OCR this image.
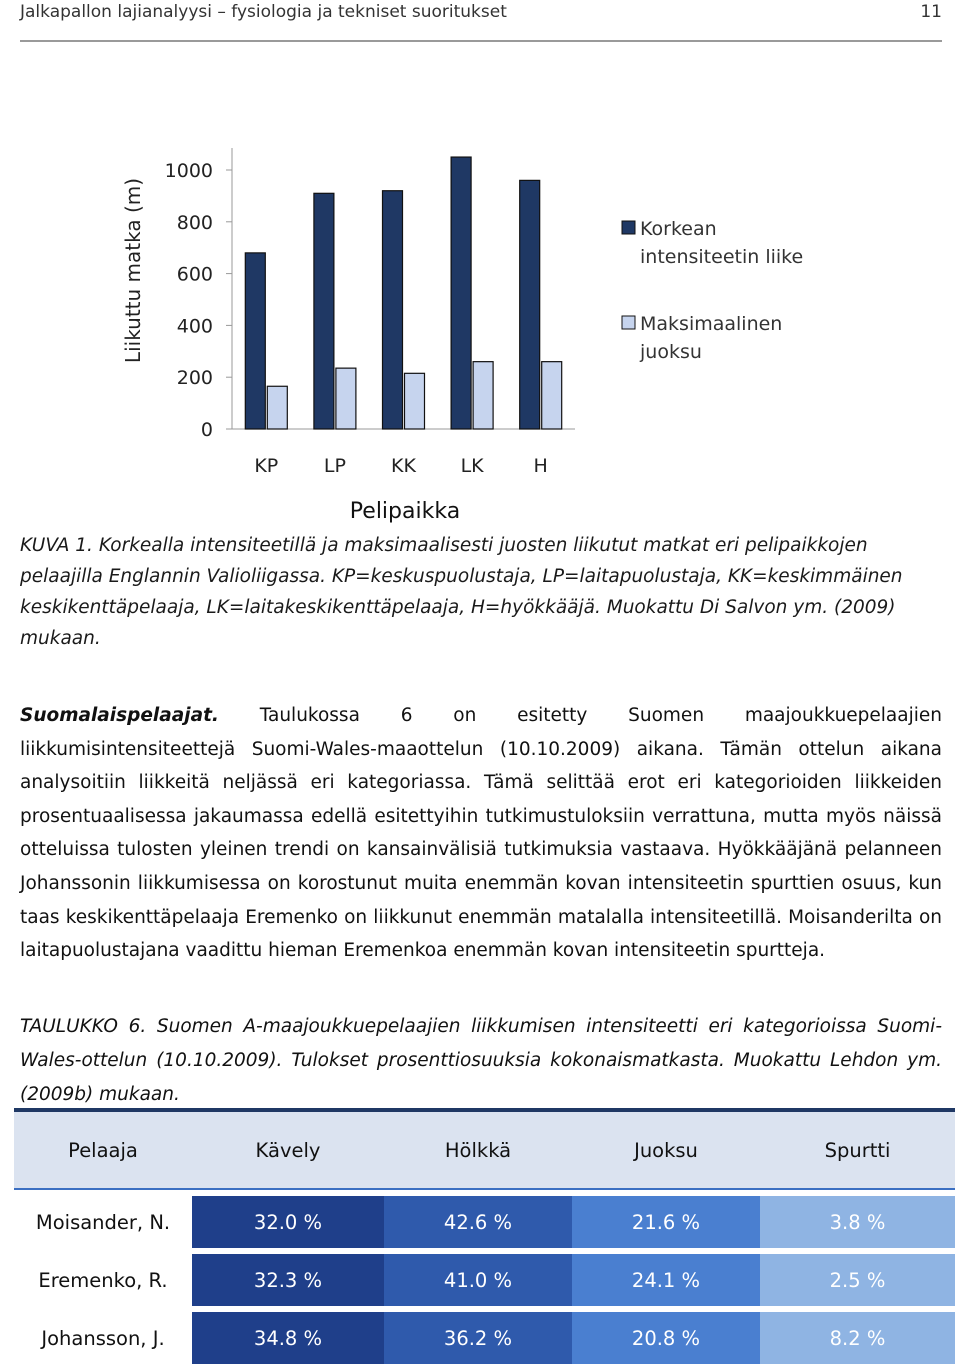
Jalkapallon lajianalyysi – fysiologia ja tekniset suoritukset	11
0
200
400
600
800
1000
Liikuttu matka (m)
Pelipaikka
KP LP KK LK	H
Korkean
intensiteetin liike
Maksimaalinen
juoksu
KUVA 1. Korkealla intensiteetillä ja maksimaalisesti juosten liikutut matkat eri pelipaikkojen pelaajilla Englannin Valioliigassa. KP=keskuspuolustaja, LP=laitapuolustaja, KK=keskimmäinen keskikenttäpelaaja, LK=laitakeskikenttäpelaaja, H=hyökkääjä. Muokattu Di Salvon ym. (2009) mukaan.
Suomalaispelaajat. Taulukossa 6 on esitetty Suomen maajoukkuepelaajien liikkumisintensiteettejä Suomi-Wales-maaottelun (10.10.2009) aikana. Tämän ottelun aikana analysoitiin liikkeitä neljässä eri kategoriassa. Tämä selittää erot eri kategorioiden liikkeiden prosentuaalisessa jakaumassa edellä esitettyihin tutkimustuloksiin verrattuna, mutta myös näissä otteluissa tulosten yleinen trendi on kansainvälisiä tutkimuksia vastaava. Hyökkääjänä pelanneen Johanssonin liikkumisessa on korostunut muita enemmän kovan intensiteetin spurttien osuus, kun taas keskikenttäpelaaja Eremenko on liikkunut enemmän matalalla intensiteetillä. Moisanderilta on laitapuolustajana vaadittu hieman Eremenkoa enemmän kovan intensiteetin spurtteja.
TAULUKKO 6. Suomen A-maajoukkuepelaajien liikkumisen intensiteetti eri kategorioissa Suomi-Wales-ottelun (10.10.2009). Tulokset prosenttiosuuksia kokonaismatkasta. Muokattu Lehdon ym. (2009b) mukaan.
Pelaaja	Kävely	Hölkkä	Juoksu	Spurtti
Moisander, N.	32.0 %	42.6 %	21.6 %	3.8 %
Eremenko, R.	32.3 %	41.0 %	24.1 %	2.5 %
Johansson, J.	34.8 %	36.2 %	20.8 %	8.2 %
